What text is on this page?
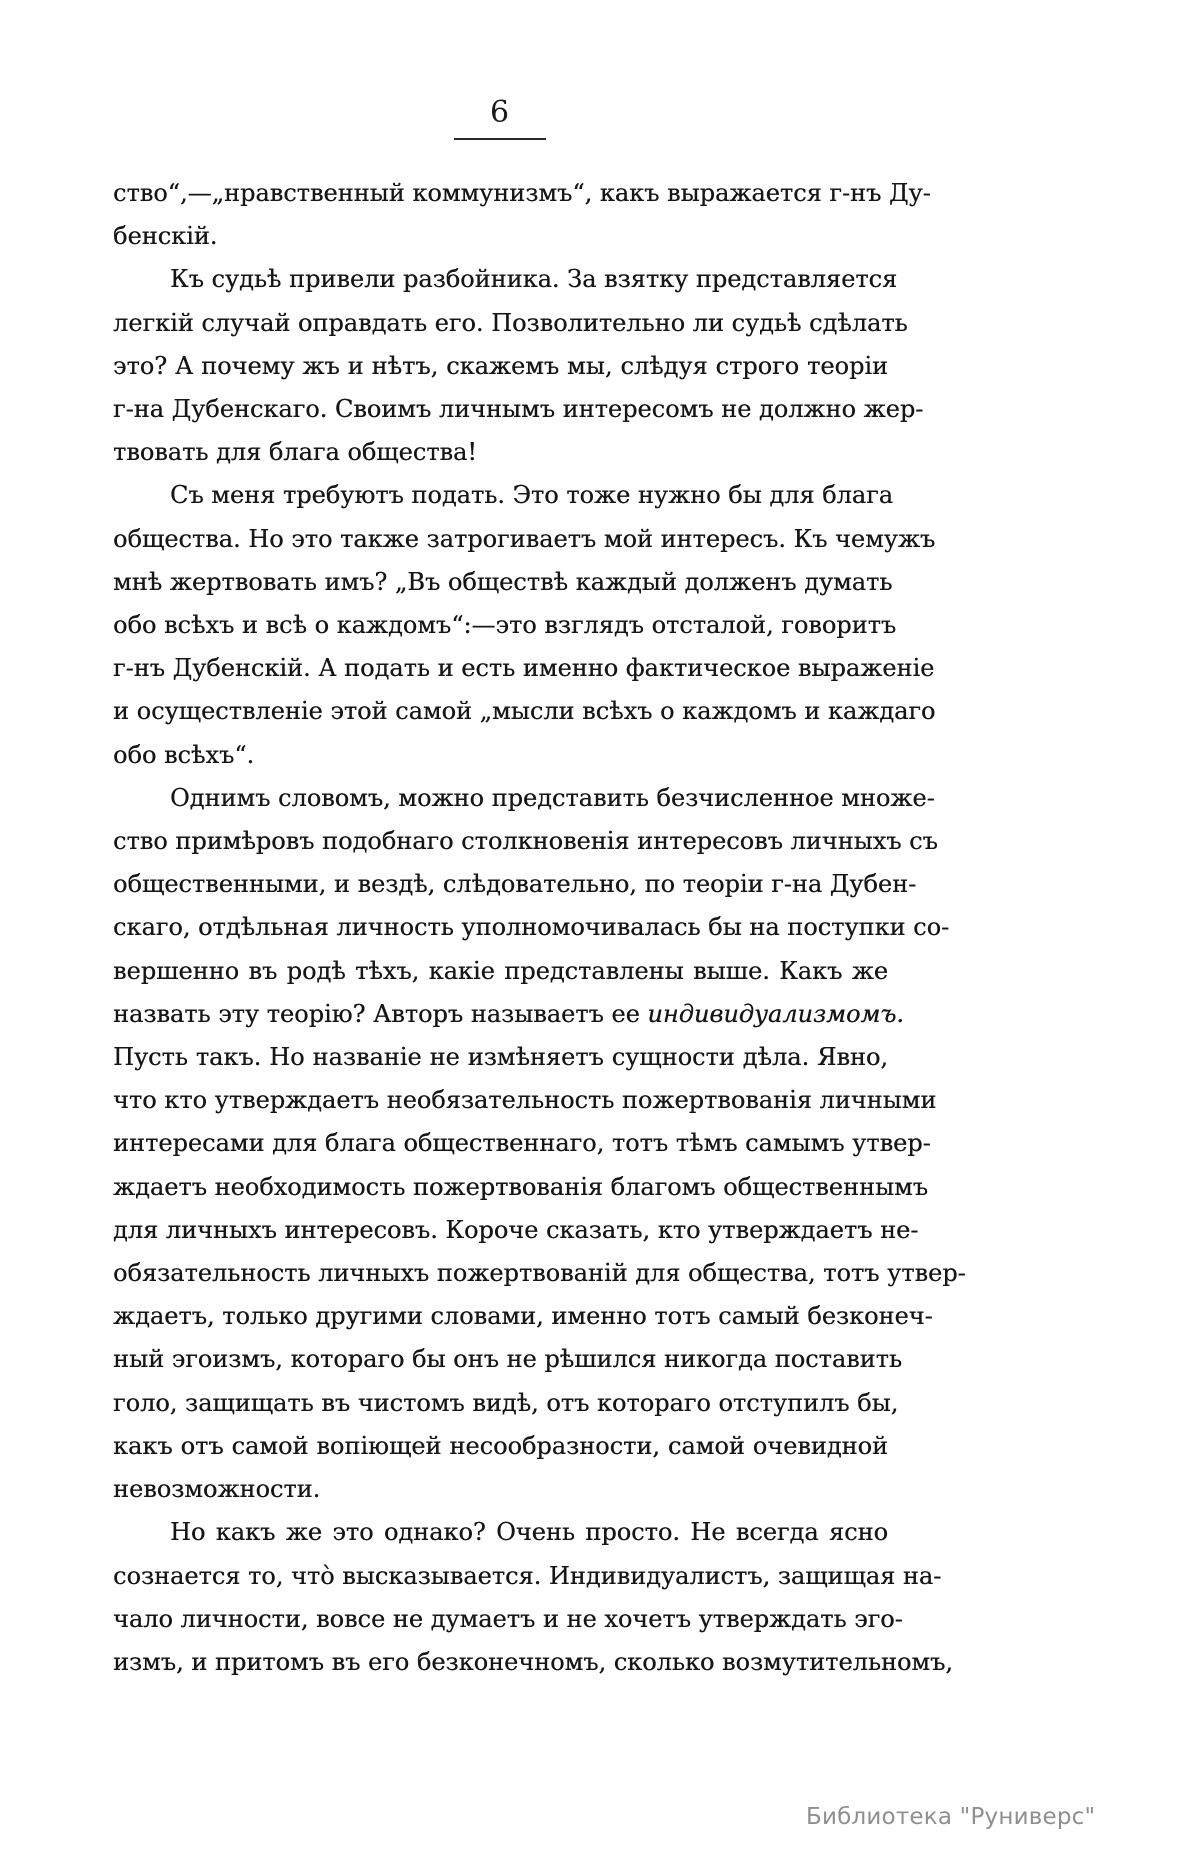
6
ство“,—„нравственный коммунизмъ“, какъ выражается г-нъ Ду-
бенскій.
Къ судьѣ привели разбойника. За взятку представляется
легкій случай оправдать его. Позволительно ли судьѣ сдѣлать
это? А почему жъ и нѣтъ, скажемъ мы, слѣдуя строго теоріи
г-на Дубенскаго. Своимъ личнымъ интересомъ не должно жер-
твовать для блага общества!
Съ меня требуютъ подать. Это тоже нужно бы для блага
общества. Но это также затрогиваетъ мой интересъ. Къ чемужъ
мнѣ жертвовать имъ? „Въ обществѣ каждый долженъ думать
обо всѣхъ и всѣ о каждомъ“:—это взглядъ отсталой, говоритъ
г-нъ Дубенскій. А подать и есть именно фактическое выраженіе
и осуществленіе этой самой „мысли всѣхъ о каждомъ и каждаго
обо всѣхъ“.
Однимъ словомъ, можно представить безчисленное множе-
ство примѣровъ подобнаго столкновенія интересовъ личныхъ съ
общественными, и вездѣ, слѣдовательно, по теоріи г-на Дубен-
скаго, отдѣльная личность уполномочивалась бы на поступки со-
вершенно въ родѣ тѣхъ, какіе представлены выше. Какъ же
назвать эту теорію? Авторъ называетъ ее индивидуализмомъ.
Пусть такъ. Но названіе не измѣняетъ сущности дѣла. Явно,
что кто утверждаетъ необязательность пожертвованія личными
интересами для блага общественнаго, тотъ тѣмъ самымъ утвер-
ждаетъ необходимость пожертвованія благомъ общественнымъ
для личныхъ интересовъ. Короче сказать, кто утверждаетъ не-
обязательность личныхъ пожертвованій для общества, тотъ утвер-
ждаетъ, только другими словами, именно тотъ самый безконеч-
ный эгоизмъ, котораго бы онъ не рѣшился никогда поставить
голо, защищать въ чистомъ видѣ, отъ котораго отступилъ бы,
какъ отъ самой вопіющей несообразности, самой очевидной
невозможности.
Но какъ же это однако? Очень просто. Не всегда ясно
сознается то, что̀ высказывается. Индивидуалистъ, защищая на-
чало личности, вовсе не думаетъ и не хочетъ утверждать эго-
измъ, и притомъ въ его безконечномъ, сколько возмутительномъ,
Библиотека "Руниверс"
